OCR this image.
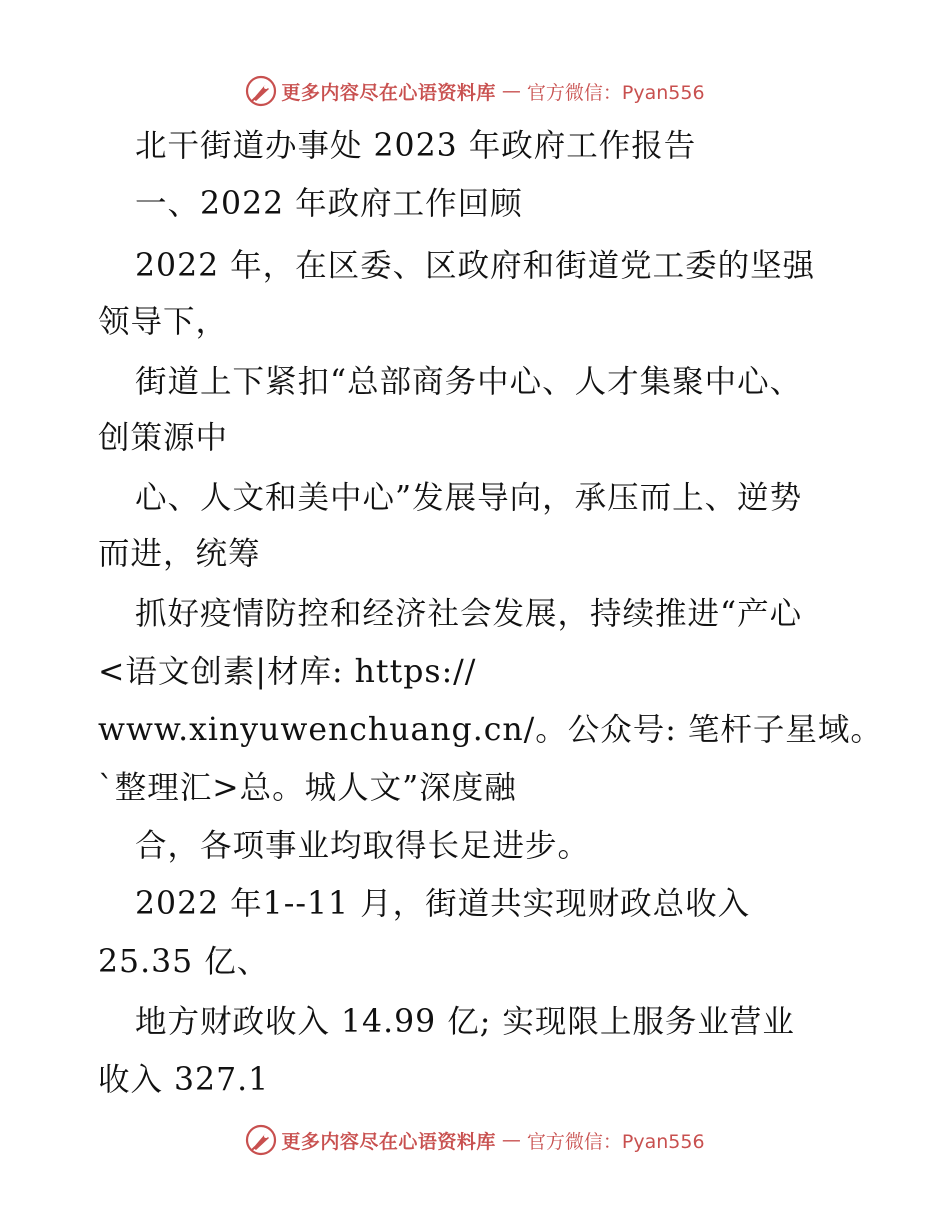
更多内容尽在心语资料库 — 官方微信：Pyan556
北干街道办事处 2023 年政府工作报告
一、2022 年政府工作回顾
2022 年，在区委、区政府和街道党工委的坚强
领导下，
街道上下紧扣“总部商务中心、人才集聚中心、
创策源中
心、人文和美中心”发展导向，承压而上、逆势
而进，统筹
抓好疫情防控和经济社会发展，持续推进“产心
<语文创素|材库: https://
www.xinyuwenchuang.cn/。公众号: 笔杆子星域。
`整理汇>总。城人文”深度融
合，各项事业均取得长足进步。
2022 年1--11 月，街道共实现财政总收入
25.35 亿、
地方财政收入 14.99 亿; 实现限上服务业营业
收入 327.1
更多内容尽在心语资料库 — 官方微信：Pyan556
